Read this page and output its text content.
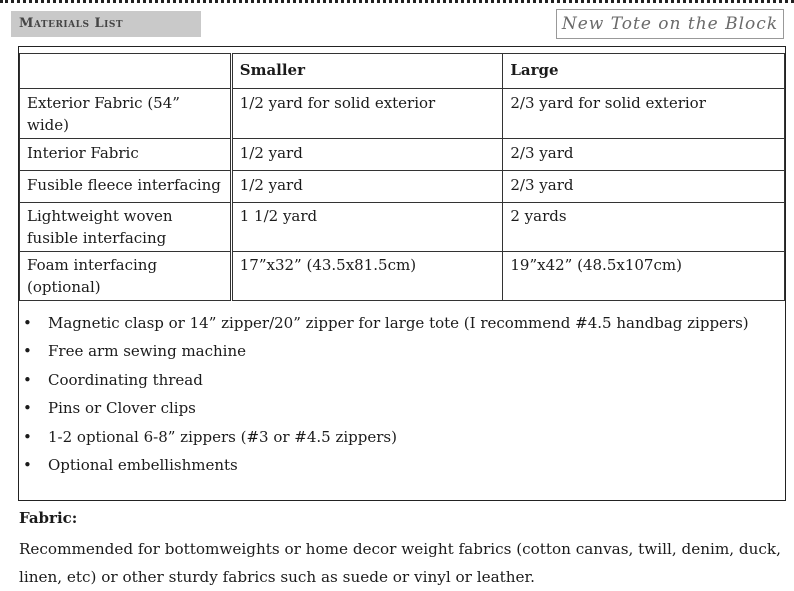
Materials List	New Tote on the Block
	Smaller	Large
Exterior Fabric (54” wide)	1/2 yard for solid exterior	2/3 yard for solid exterior
Interior Fabric	1/2 yard	2/3 yard
Fusible fleece interfacing	1/2 yard	2/3 yard
Lightweight woven fusible interfacing	1 1/2 yard	2 yards
Foam interfacing (optional)	17”x32” (43.5x81.5cm)	19”x42” (48.5x107cm)
• Magnetic clasp or 14” zipper/20” zipper for large tote (I recommend #4.5 handbag zippers)
• Free arm sewing machine
• Coordinating thread
• Pins or Clover clips
• 1-2 optional 6-8” zippers (#3 or #4.5 zippers)
• Optional embellishments
Fabric:
Recommended for bottomweights or home decor weight fabrics (cotton canvas, twill, denim, duck, linen, etc) or other sturdy fabrics such as suede or vinyl or leather.
